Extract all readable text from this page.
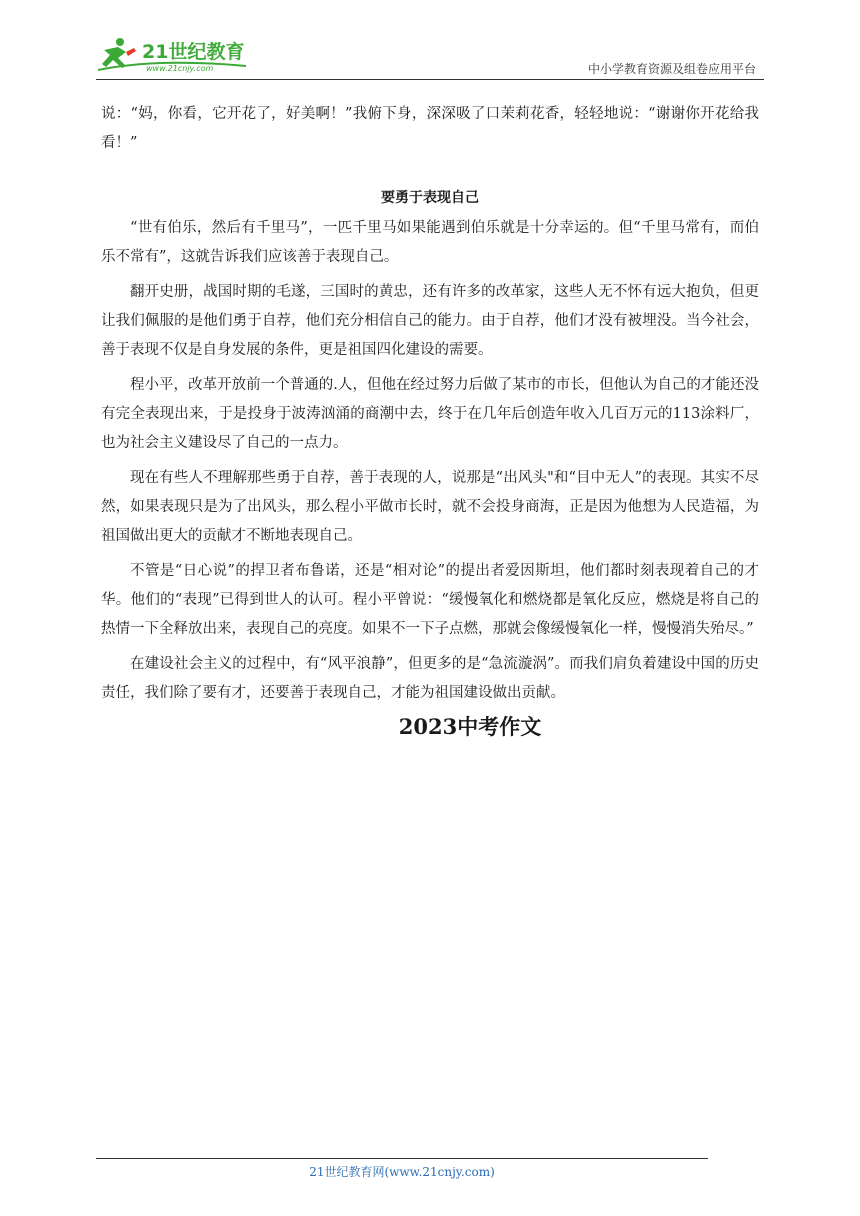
21世纪教育
www.21cnjy.com	中小学教育资源及组卷应用平台

说：“妈，你看，它开花了，好美啊！”我俯下身，深深吸了口茉莉花香，轻轻地说：“谢谢你开花给我看！”

要勇于表现自己

“世有伯乐，然后有千里马”，一匹千里马如果能遇到伯乐就是十分幸运的。但“千里马常有，而伯乐不常有”，这就告诉我们应该善于表现自己。

翻开史册，战国时期的毛遂，三国时的黄忠，还有许多的改革家，这些人无不怀有远大抱负，但更让我们佩服的是他们勇于自荐，他们充分相信自己的能力。由于自荐，他们才没有被埋没。当今社会，善于表现不仅是自身发展的条件，更是祖国四化建设的需要。

程小平，改革开放前一个普通的.人，但他在经过努力后做了某市的市长，但他认为自己的才能还没有完全表现出来，于是投身于波涛汹涌的商潮中去，终于在几年后创造年收入几百万元的113涂料厂，也为社会主义建设尽了自己的一点力。

现在有些人不理解那些勇于自荐，善于表现的人，说那是“出风头"和“目中无人”的表现。其实不尽然，如果表现只是为了出风头，那么程小平做市长时，就不会投身商海，正是因为他想为人民造福，为祖国做出更大的贡献才不断地表现自己。

不管是“日心说”的捍卫者布鲁诺，还是“相对论”的提出者爱因斯坦，他们都时刻表现着自己的才华。他们的“表现”已得到世人的认可。程小平曾说：“缓慢氧化和燃烧都是氧化反应，燃烧是将自己的热情一下全释放出来，表现自己的亮度。如果不一下子点燃，那就会像缓慢氧化一样，慢慢消失殆尽。”

在建设社会主义的过程中，有“风平浪静”，但更多的是“急流漩涡”。而我们肩负着建设中国的历史责任，我们除了要有才，还要善于表现自己，才能为祖国建设做出贡献。

2023中考作文
21世纪教育网(www.21cnjy.com)
